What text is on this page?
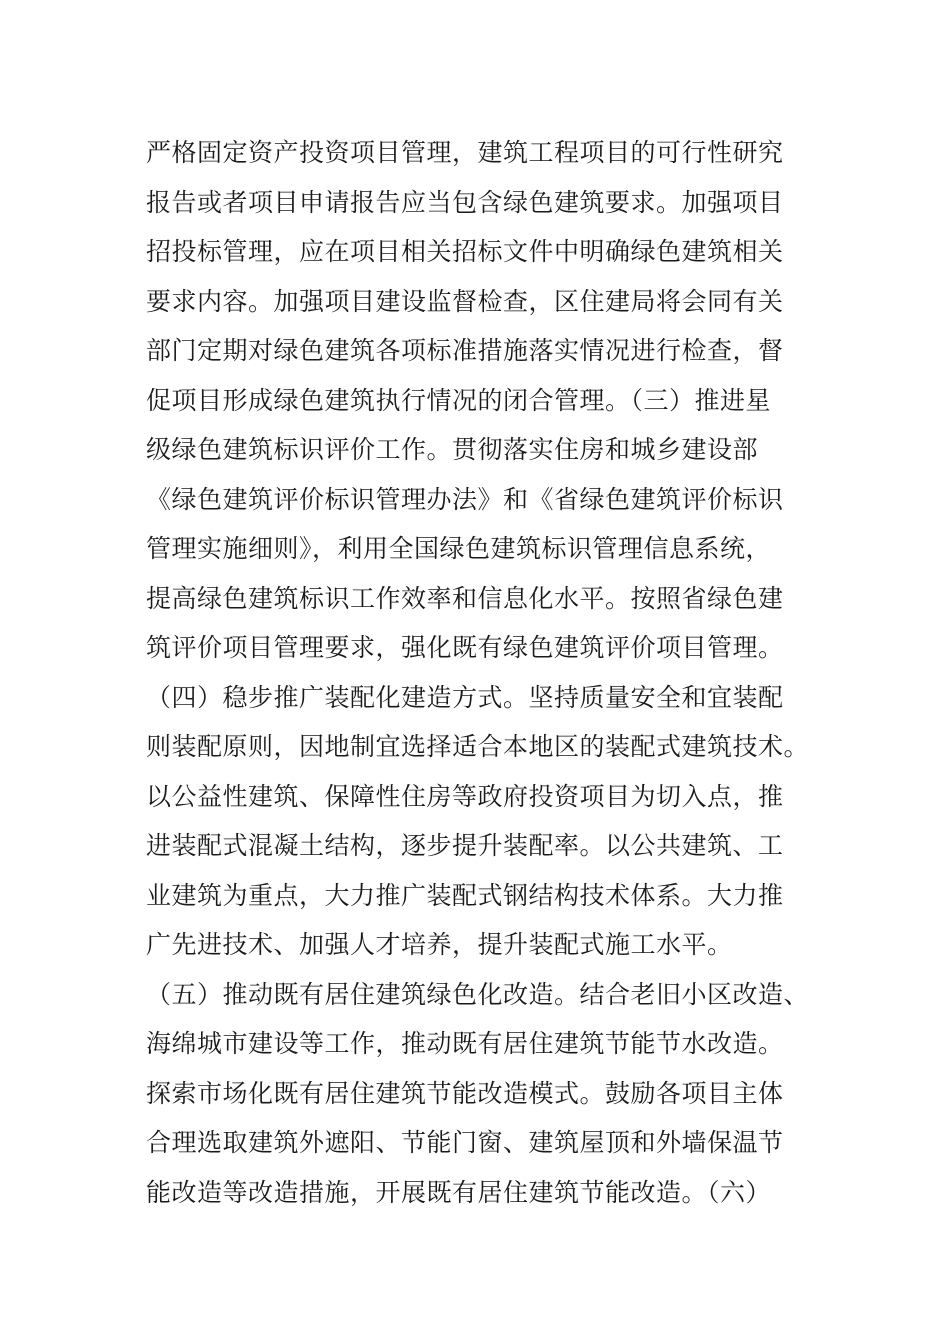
严格固定资产投资项目管理，建筑工程项目的可行性研究
报告或者项目申请报告应当包含绿色建筑要求。加强项目
招投标管理，应在项目相关招标文件中明确绿色建筑相关
要求内容。加强项目建设监督检查，区住建局将会同有关
部门定期对绿色建筑各项标准措施落实情况进行检查，督
促项目形成绿色建筑执行情况的闭合管理。（三）推进星
级绿色建筑标识评价工作。贯彻落实住房和城乡建设部
《绿色建筑评价标识管理办法》和《省绿色建筑评价标识
管理实施细则》，利用全国绿色建筑标识管理信息系统，
提高绿色建筑标识工作效率和信息化水平。按照省绿色建
筑评价项目管理要求，强化既有绿色建筑评价项目管理。
（四）稳步推广装配化建造方式。坚持质量安全和宜装配
则装配原则，因地制宜选择适合本地区的装配式建筑技术。
以公益性建筑、保障性住房等政府投资项目为切入点，推
进装配式混凝土结构，逐步提升装配率。以公共建筑、工
业建筑为重点，大力推广装配式钢结构技术体系。大力推
广先进技术、加强人才培养，提升装配式施工水平。
（五）推动既有居住建筑绿色化改造。结合老旧小区改造、
海绵城市建设等工作，推动既有居住建筑节能节水改造。
探索市场化既有居住建筑节能改造模式。鼓励各项目主体
合理选取建筑外遮阳、节能门窗、建筑屋顶和外墙保温节
能改造等改造措施，开展既有居住建筑节能改造。（六）
